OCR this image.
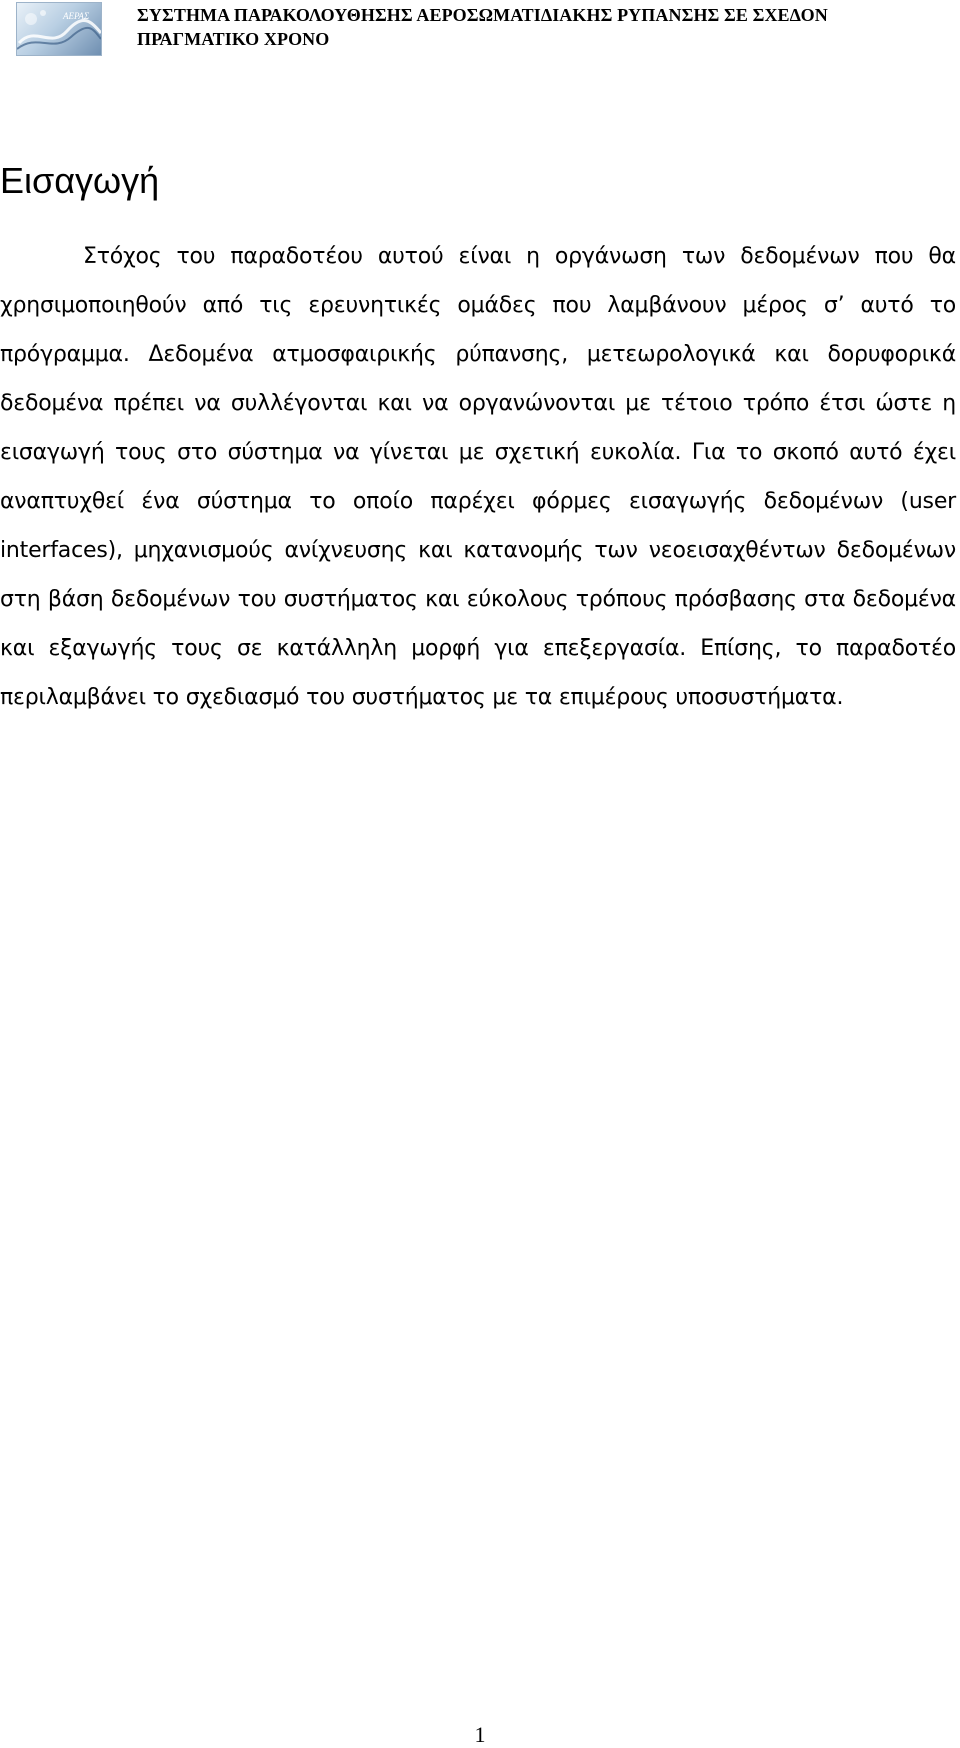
ΑΕΡΑΣ	ΣΥΣΤΗΜΑ ΠΑΡΑΚΟΛΟΥΘΗΣΗΣ ΑΕΡΟΣΩΜΑΤΙΔΙΑΚΗΣ ΡΥΠΑΝΣΗΣ ΣΕ ΣΧΕΔΟΝ
ΠΡΑΓΜΑΤΙΚΟ ΧΡΟΝΟ
Εισαγωγή

Στόχος του παραδοτέου αυτού είναι η οργάνωση των δεδομένων που θα χρησιμοποιηθούν από τις ερευνητικές ομάδες που λαμβάνουν μέρος σ’ αυτό το πρόγραμμα. Δεδομένα ατμοσφαιρικής ρύπανσης, μετεωρολογικά και δορυφορικά δεδομένα πρέπει να συλλέγονται και να οργανώνονται με τέτοιο τρόπο έτσι ώστε η εισαγωγή τους στο σύστημα να γίνεται με σχετική ευκολία. Για το σκοπό αυτό έχει αναπτυχθεί ένα σύστημα το οποίο παρέχει φόρμες εισαγωγής δεδομένων (user interfaces), μηχανισμούς ανίχνευσης και κατανομής των νεοεισαχθέντων δεδομένων στη βάση δεδομένων του συστήματος και εύκολους τρόπους πρόσβασης στα δεδομένα και εξαγωγής τους σε κατάλληλη μορφή για επεξεργασία. Επίσης, το παραδοτέο περιλαμβάνει το σχεδιασμό του συστήματος με τα επιμέρους υποσυστήματα.

1
